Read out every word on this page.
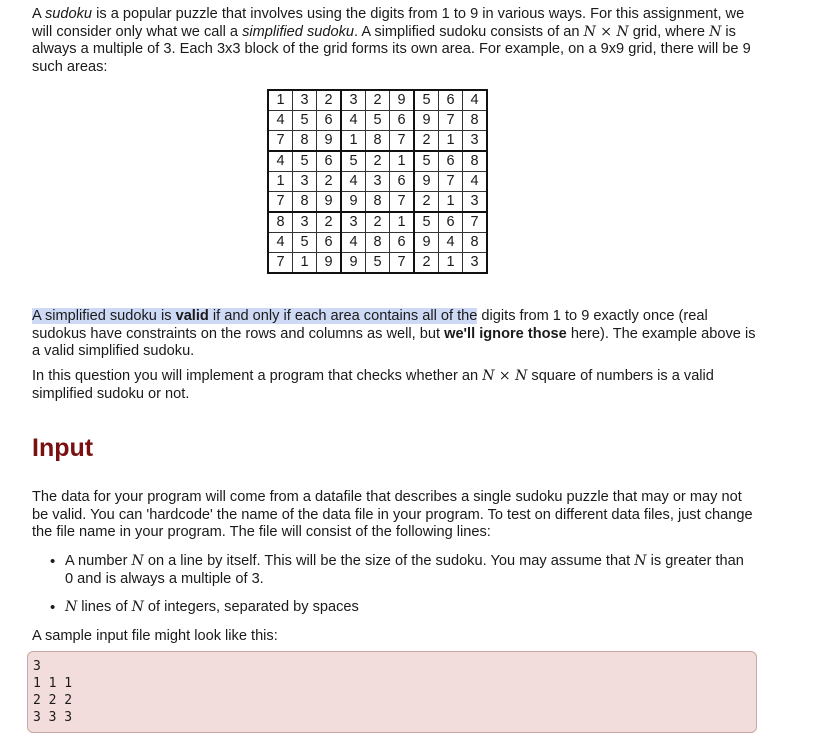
A sudoku is a popular puzzle that involves using the digits from 1 to 9 in various ways. For this assignment, we will consider only what we call a simplified sudoku. A simplified sudoku consists of an N × N grid, where N is always a multiple of 3. Each 3x3 block of the grid forms its own area. For example, on a 9x9 grid, there will be 9 such areas:

1	3	2	3	2	9	5	6	4
4	5	6	4	5	6	9	7	8
7	8	9	1	8	7	2	1	3
4	5	6	5	2	1	5	6	8
1	3	2	4	3	6	9	7	4
7	8	9	9	8	7	2	1	3
8	3	2	3	2	1	5	6	7
4	5	6	4	8	6	9	4	8
7	1	9	9	5	7	2	1	3

A simplified sudoku is valid if and only if each area contains all of the digits from 1 to 9 exactly once (real sudokus have constraints on the rows and columns as well, but we'll ignore those here). The example above is a valid simplified sudoku.

In this question you will implement a program that checks whether an N × N square of numbers is a valid simplified sudoku or not.

Input

The data for your program will come from a datafile that describes a single sudoku puzzle that may or may not be valid. You can 'hardcode' the name of the data file in your program. To test on different data files, just change the file name in your program. The file will consist of the following lines:

• A number N on a line by itself. This will be the size of the sudoku. You may assume that N is greater than 0 and is always a multiple of 3.
• N lines of N of integers, separated by spaces

A sample input file might look like this:

3
1 1 1
2 2 2
3 3 3
